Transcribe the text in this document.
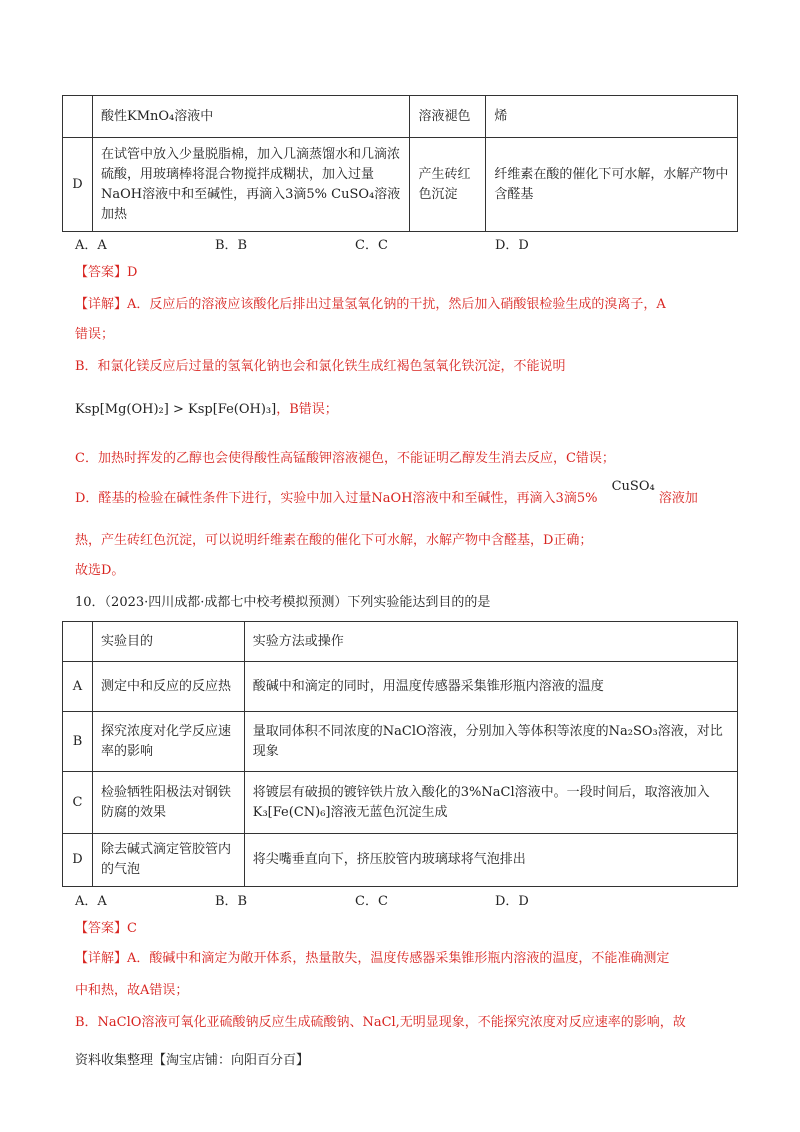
	酸性KMnO₄溶液中	溶液褪色	烯
D	在试管中放入少量脱脂棉，加入几滴蒸馏水和几滴浓硫酸，用玻璃棒将混合物搅拌成糊状，加入过量NaOH溶液中和至碱性，再滴入3滴5% CuSO₄溶液加热	产生砖红色沉淀	纤维素在酸的催化下可水解，水解产物中含醛基
A．A	B．B	C．C	D．D
【答案】D
【详解】A．反应后的溶液应该酸化后排出过量氢氧化钠的干扰，然后加入硝酸银检验生成的溴离子，A
错误；
B．和氯化镁反应后过量的氢氧化钠也会和氯化铁生成红褐色氢氧化铁沉淀，不能说明
Ksp[Mg(OH)₂] > Ksp[Fe(OH)₃]，B错误；
C．加热时挥发的乙醇也会使得酸性高锰酸钾溶液褪色，不能证明乙醇发生消去反应，C错误；
D．醛基的检验在碱性条件下进行，实验中加入过量NaOH溶液中和至碱性，再滴入3滴5% CuSO₄ 溶液加
热，产生砖红色沉淀，可以说明纤维素在酸的催化下可水解，水解产物中含醛基，D正确；
故选D。
10．（2023·四川成都·成都七中校考模拟预测）下列实验能达到目的的是
	实验目的	实验方法或操作
A	测定中和反应的反应热	酸碱中和滴定的同时，用温度传感器采集锥形瓶内溶液的温度
B	探究浓度对化学反应速率的影响	量取同体积不同浓度的NaClO溶液，分别加入等体积等浓度的Na₂SO₃溶液，对比现象
C	检验牺牲阳极法对钢铁防腐的效果	将镀层有破损的镀锌铁片放入酸化的3%NaCl溶液中。一段时间后，取溶液加入K₃[Fe(CN)₆]溶液无蓝色沉淀生成
D	除去碱式滴定管胶管内的气泡	将尖嘴垂直向下，挤压胶管内玻璃球将气泡排出
A．A	B．B	C．C	D．D
【答案】C
【详解】A．酸碱中和滴定为敞开体系，热量散失，温度传感器采集锥形瓶内溶液的温度，不能准确测定
中和热，故A错误；
B．NaClO溶液可氧化亚硫酸钠反应生成硫酸钠、NaCl,无明显现象，不能探究浓度对反应速率的影响，故
资料收集整理【淘宝店铺：向阳百分百】
